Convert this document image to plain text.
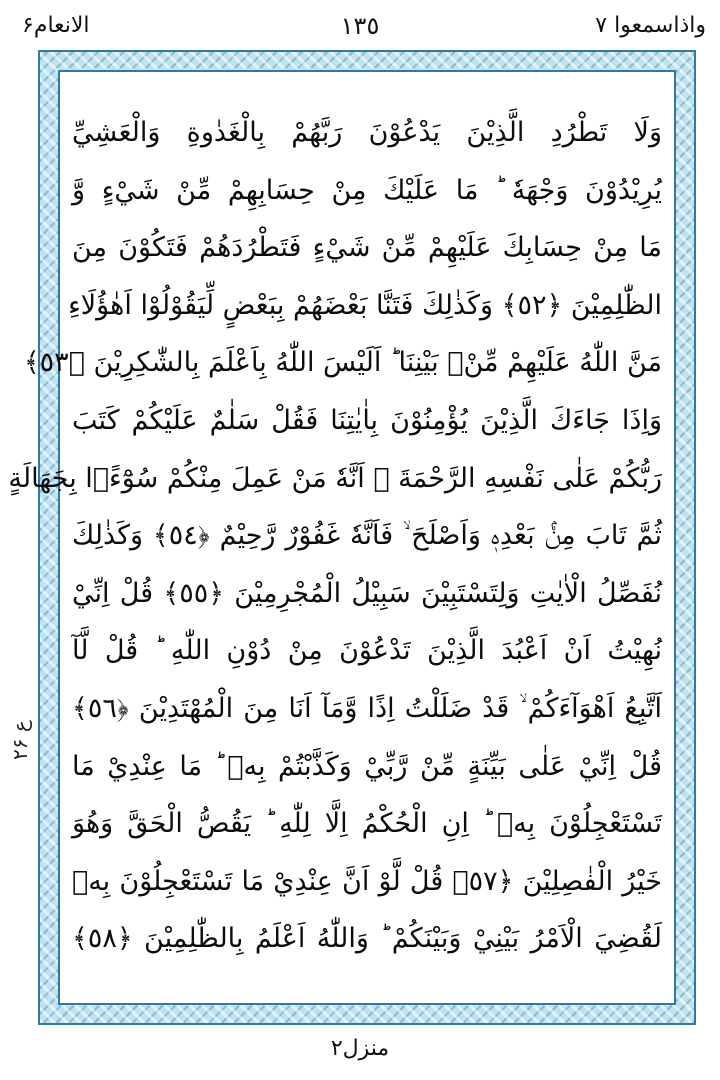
واذاسمعوا ۷
١٣٥
الانعام۶
ع ۲۶
وَلَا تَطْرُدِ الَّذِيْنَ يَدْعُوْنَ رَبَّهُمْ بِالْغَدٰوةِ وَالْعَشِيِّ
يُرِيْدُوْنَ وَجْهَهٗ ؕ مَا عَلَيْكَ مِنْ حِسَابِهِمْ مِّنْ شَيْءٍ وَّ
مَا مِنْ حِسَابِكَ عَلَيْهِمْ مِّنْ شَيْءٍ فَتَطْرُدَهُمْ فَتَكُوْنَ مِنَ
الظّٰلِمِيْنَ ﴿٥٢﴾ وَكَذٰلِكَ فَتَنَّا بَعْضَهُمْ بِبَعْضٍ لِّيَقُوْلُوْا اَهٰؤُلَاءِ
مَنَّ اللّٰهُ عَلَيْهِمْ مِّنْۢ بَيْنِنَا ؕ اَلَيْسَ اللّٰهُ بِاَعْلَمَ بِالشّٰكِرِيْنَ ﴿٥٣﴾
وَاِذَا جَاءَكَ الَّذِيْنَ يُؤْمِنُوْنَ بِاٰيٰتِنَا فَقُلْ سَلٰمٌ عَلَيْكُمْ كَتَبَ
رَبُّكُمْ عَلٰى نَفْسِهِ الرَّحْمَةَ ۙ اَنَّهٗ مَنْ عَمِلَ مِنْكُمْ سُوْٓءًۢا بِجَهَالَةٍ
ثُمَّ تَابَ مِنْۢ بَعْدِهٖ وَاَصْلَحَ ۙ فَاَنَّهٗ غَفُوْرٌ رَّحِيْمٌ ﴿٥٤﴾ وَكَذٰلِكَ
نُفَصِّلُ الْاٰيٰتِ وَلِتَسْتَبِيْنَ سَبِيْلُ الْمُجْرِمِيْنَ ﴿٥٥﴾ قُلْ اِنِّيْ
نُهِيْتُ اَنْ اَعْبُدَ الَّذِيْنَ تَدْعُوْنَ مِنْ دُوْنِ اللّٰهِ ؕ قُلْ لَّآ
اَتَّبِعُ اَهْوَآءَكُمْ ۙ قَدْ ضَلَلْتُ اِذًا وَّمَآ اَنَا مِنَ الْمُهْتَدِيْنَ ﴿٥٦﴾
قُلْ اِنِّيْ عَلٰى بَيِّنَةٍ مِّنْ رَّبِّيْ وَكَذَّبْتُمْ بِهٖ ؕ مَا عِنْدِيْ مَا
تَسْتَعْجِلُوْنَ بِهٖ ؕ اِنِ الْحُكْمُ اِلَّا لِلّٰهِ ؕ يَقُصُّ الْحَقَّ وَهُوَ
خَيْرُ الْفٰصِلِيْنَ ﴿٥٧﴾ قُلْ لَّوْ اَنَّ عِنْدِيْ مَا تَسْتَعْجِلُوْنَ بِهٖ
لَقُضِيَ الْاَمْرُ بَيْنِيْ وَبَيْنَكُمْ ؕ وَاللّٰهُ اَعْلَمُ بِالظّٰلِمِيْنَ ﴿٥٨﴾
منزل۲
